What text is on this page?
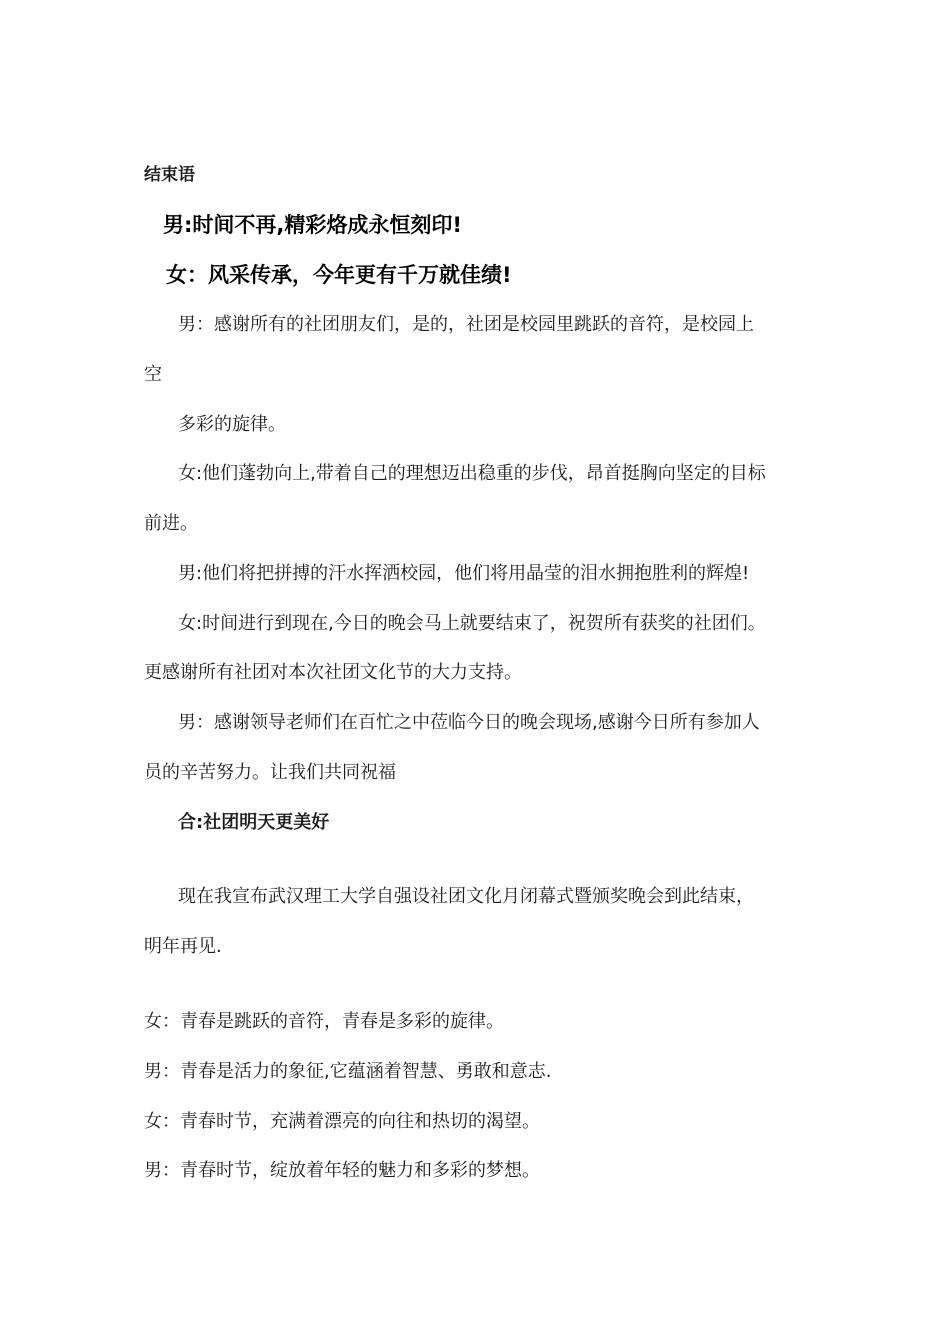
结束语
男:时间不再,精彩烙成永恒刻印!
女：风采传承，今年更有千万就佳绩!
男：感谢所有的社团朋友们，是的，社团是校园里跳跃的音符，是校园上
空
多彩的旋律。
女:他们蓬勃向上,带着自己的理想迈出稳重的步伐，昂首挺胸向坚定的目标
前进。
男:他们将把拼搏的汗水挥洒校园，他们将用晶莹的泪水拥抱胜利的辉煌!
女:时间进行到现在,今日的晚会马上就要结束了，祝贺所有获奖的社团们。
更感谢所有社团对本次社团文化节的大力支持。
男：感谢领导老师们在百忙之中莅临今日的晚会现场,感谢今日所有参加人
员的辛苦努力。让我们共同祝福
合:社团明天更美好
现在我宣布武汉理工大学自强设社团文化月闭幕式暨颁奖晚会到此结束，
明年再见.
女：青春是跳跃的音符，青春是多彩的旋律。
男：青春是活力的象征,它蕴涵着智慧、勇敢和意志.
女：青春时节，充满着漂亮的向往和热切的渴望。
男：青春时节，绽放着年轻的魅力和多彩的梦想。
